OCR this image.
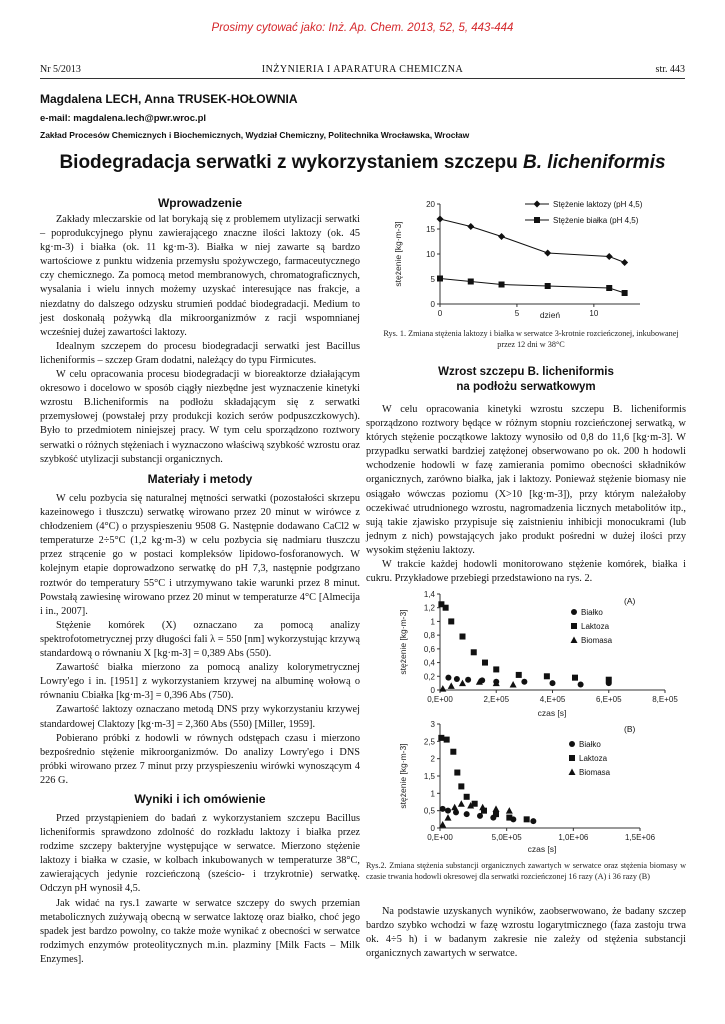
Prosimy cytować jako: Inż. Ap. Chem. 2013, 52, 5, 443-444
Nr 5/2013	INŻYNIERIA I APARATURA CHEMICZNA	str. 443
Magdalena LECH, Anna TRUSEK-HOŁOWNIA
e-mail: magdalena.lech@pwr.wroc.pl
Zakład Procesów Chemicznych i Biochemicznych, Wydział Chemiczny, Politechnika Wrocławska, Wrocław
Biodegradacja serwatki z wykorzystaniem szczepu B. licheniformis
Wprowadzenie

Zakłady mleczarskie od lat borykają się z problemem utylizacji serwatki – poprodukcyjnego płynu zawierającego znaczne ilości laktozy (ok. 45 kg·m-3) i białka (ok. 11 kg·m-3). Białka w niej zawarte są bardzo wartościowe z punktu widzenia przemysłu spożywczego, farmaceutycznego czy chemicznego. Za pomocą metod membranowych, chromatograficznych, wysalania i wielu innych możemy uzyskać interesujące nas frakcje, a niezdatny do dalszego odzysku strumień poddać biodegradacji. Medium to jest doskonałą pożywką dla mikroorganizmów z racji wspomnianej wcześniej dużej zawartości laktozy.

Idealnym szczepem do procesu biodegradacji serwatki jest Bacillus licheniformis – szczep Gram dodatni, należący do typu Firmicutes.

W celu opracowania procesu biodegradacji w bioreaktorze działającym okresowo i docelowo w sposób ciągły niezbędne jest wyznaczenie kinetyki wzrostu B.licheniformis na podłożu składającym się z serwatki przemysłowej (powstałej przy produkcji kozich serów podpuszczkowych). Było to przedmiotem niniejszej pracy. W tym celu sporządzono roztwory serwatki o różnych stężeniach i wyznaczono właściwą szybkość wzrostu oraz szybkość utylizacji substancji organicznych.

Materiały i metody

W celu pozbycia się naturalnej mętności serwatki (pozostałości skrzepu kazeinowego i tłuszczu) serwatkę wirowano przez 20 minut w wirówce z chłodzeniem (4°C) o przyspieszeniu 9508 G. Następnie dodawano CaCl2 w temperaturze 2÷5°C (1,2 kg·m-3) w celu pozbycia się nadmiaru tłuszczu przez strącenie go w postaci kompleksów lipidowo-fosforanowych. W kolejnym etapie doprowadzono serwatkę do pH 7,3, następnie podgrzano roztwór do temperatury 55°C i utrzymywano takie warunki przez 8 minut. Powstałą zawiesinę wirowano przez 20 minut w temperaturze 4°C [Almecija i in., 2007].

Stężenie komórek (X) oznaczano za pomocą analizy spektrofotometrycznej przy długości fali λ = 550 [nm] wykorzystując krzywą standardową o równaniu X [kg·m-3] = 0,389 Abs (550).

Zawartość białka mierzono za pomocą analizy kolorymetrycznej Lowry'ego i in. [1951] z wykorzystaniem krzywej na albuminę wołową o równaniu Cbiałka [kg·m-3] = 0,396 Abs (750).

Zawartość laktozy oznaczano metodą DNS przy wykorzystaniu krzywej standardowej Claktozy [kg·m-3] = 2,360 Abs (550) [Miller, 1959].

Pobierano próbki z hodowli w równych odstępach czasu i mierzono bezpośrednio stężenie mikroorganizmów. Do analizy Lowry'ego i DNS próbki wirowano przez 7 minut przy przyspieszeniu wirówki wynoszącym 4 226 G.

Wyniki i ich omówienie

Przed przystąpieniem do badań z wykorzystaniem szczepu Bacillus licheniformis sprawdzono zdolność do rozkładu laktozy i białka przez rodzime szczepy bakteryjne występujące w serwatce. Mierzono stężenie laktozy i białka w czasie, w kolbach inkubowanych w temperaturze 38°C, zawierających jedynie rozcieńczoną (sześcio- i trzykrotnie) serwatkę. Odczyn pH wynosił 4,5.

Jak widać na rys.1 zawarte w serwatce szczepy do swych przemian metabolicznych zużywają obecną w serwatce laktozę oraz białko, choć jego spadek jest bardzo powolny, co także może wynikać z obecności w serwatce rodzimych enzymów proteolitycznych m.in. plazminy [Milk Facts – Milk Enzymes].

0
5
10
15
20
0	5	10
dzień
stężenie [kg·m-3]
Stężenie laktozy (pH 4,5)
Stężenie białka (pH 4,5)
Rys. 1. Zmiana stężenia laktozy i białka w serwatce 3-krotnie rozcieńczonej, inkubowanej przez 12 dni w 38°C
Wzrost szczepu B. licheniformis
na podłożu serwatkowym

W celu opracowania kinetyki wzrostu szczepu B. licheniformis sporządzono roztwory będące w różnym stopniu rozcieńczonej serwatką, w których stężenie początkowe laktozy wynosiło od 0,8 do 11,6 [kg·m-3]. W przypadku serwatki bardziej zatężonej obserwowano po ok. 200 h hodowli wchodzenie hodowli w fazę zamierania pomimo obecności składników organicznych, zarówno białka, jak i laktozy. Ponieważ stężenie biomasy nie osiągało wówczas poziomu (X>10 [kg·m-3]), przy którym należałoby oczekiwać utrudnionego wzrostu, nagromadzenia licznych metabolitów itp., sują takie zjawisko przypisuje się zaistnieniu inhibicji monocukrami (lub jednym z nich) powstających jako produkt pośredni w dużej ilości przy wysokim stężeniu laktozy.

W trakcie każdej hodowli monitorowano stężenie komórek, białka i cukru. Przykładowe przebiegi przedstawiono na rys. 2.

0
0,2
0,4
0,6
0,8
1
1,2
1,4
0,E+00	2,E+05	4,E+05	6,E+05	8,E+05
czas [s]
stężenie [kg·m-3]	Białko
Laktoza
Biomasa
(A)
0
0,5
1
1,5
2
2,5
3
0,E+00	5,0E+05	1,0E+06	1,5E+06
czas [s]
stężenie [kg·m-3]	Białko
Laktoza
Biomasa
(B)
Rys.2. Zmiana stężenia substancji organicznych zawartych w serwatce oraz stężenia biomasy w czasie trwania hodowli okresowej dla serwatki rozcieńczonej 16 razy (A) i 36 razy (B)

Na podstawie uzyskanych wyników, zaobserwowano, że badany szczep bardzo szybko wchodzi w fazę wzrostu logarytmicznego (faza zastoju trwa ok. 4÷5 h) i w badanym zakresie nie zależy od stężenia substancji organicznych zawartych w serwatce.
